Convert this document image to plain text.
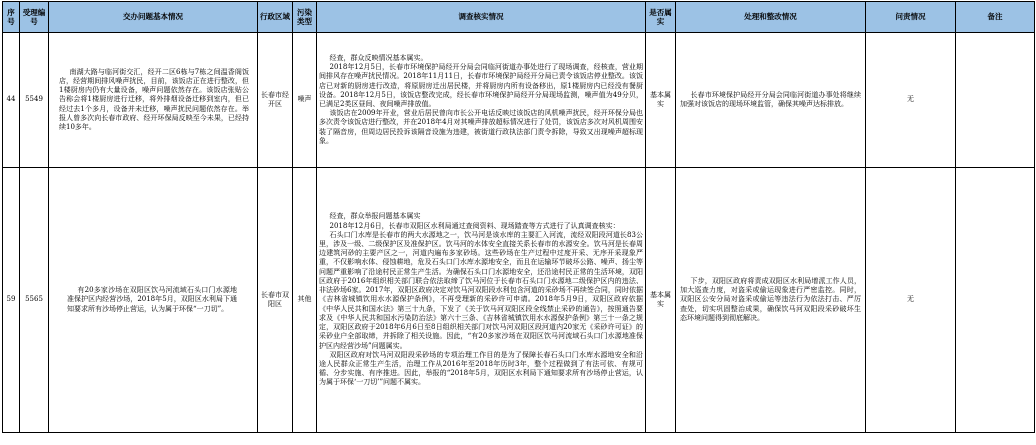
序号	受理编号	交办问题基本情况	行政区域	污染类型	调查核实情况	是否属实	处理和整改情况	问责情况	备注
44	5549	南湖大路与临河街交汇，经开二区6栋与7栋之间温香阁饭店，经营期间排风噪声扰民，目前，该饭店正在进行整改，但1楼厨房内仍有大量设备，噪声问题依然存在。该饭店张贴公告称会将1楼厨房进行迁移，将外排烟设备迁移到室内，但已经过去1个多月，设备并未迁移，噪声扰民问题依然存在。举报人曾多次向长春市政府、经开环保局反映至今未果，已经持续10多年。	长春市经开区	噪声	经查，群众反映情况基本属实。

2018年12月5日，长春市环境保护局经开分局会同临河街道办事处进行了现场调查，经核查，营业期间排风存在噪声扰民情况。2018年11月11日，长春市环境保护局经开分局已责令该饭店停业整改。该饭店已对新的厨房进行改造，将原厨房迁出居民楼，并将厨房内所有设备移出，原1楼厨房内已经没有餐厨设备。2018年12月5日，该饭店整改完成，经长春市环境保护局经开分局现场监测，噪声值为49分贝，已满足2类区昼间、夜间噪声排放值。

该饭店在2009年开业，营业后居民曾向市长公开电话反映过该饭店的风机噪声扰民，经开环保分局也多次责令该饭店进行整改，并在2018年4月对其噪声排放超标情况进行了处罚，该饭店多次对风机周围安装了隔音房，但周边居民投诉该隔音设施为违建，被街道行政执法部门责令拆除，导致又出现噪声超标现象。	基本属实	长春市环境保护局经开分局会同临河街道办事处将继续加强对该饭店的现场环境监管，确保其噪声达标排放。	无	
59	5565	有20多家沙场在双阳区饮马河流域石头口门水源地准保护区内经营沙场，2018年5月，双阳区水利局下通知要求所有沙场停止营运，认为属于环保“一刀切”。	长春市双阳区	其他	经查，群众举报问题基本属实

2018年12月6日，长春市双阳区水利局通过查阅资料、现场踏查等方式进行了认真调查核实：

石头口门水库是长春市的两大水源地之一，饮马河是该水库的主要汇入河流，流经双阳段河道长83公里，涉及一级、二级保护区及准保护区。饮马河的水体安全直接关系长春市的水源安全。饮马河是长春周边建筑河砂的主要产区之一，河道内遍布多家砂场。这些砂场在生产过程中过度开采、无序开采现象严重，不仅影响水体、侵蚀耕地，危及石头口门水库水源地安全，而且在运输环节破坏公路、噪声、扬尘等问题严重影响了沿途村民正常生产生活。为确保石头口门水源地安全，还沿途村民正常的生活环境，双阳区政府于2016年组织相关部门联合依法取缔了饮马河位于长春市石头口门水源地二级保护区内的违法、非法砂场6家。2017年，双阳区政府决定对饮马河双阳段水利包含河道的采砂场不再续签合同，同时依据《吉林省城镇饮用水水源保护条例》，不再受理新的采砂许可申请。2018年5月9日，双阳区政府依据《中华人民共和国水法》第三十九条，下发了《关于饮马河双阳区段全线禁止采砂的通告》，按照通告要求及《中华人民共和国水污染防治法》第六十三条、《吉林省城镇饮用水水源保护条例》第三十一条之规定，双阳区政府于2018年6月6日至8日组织相关部门对饮马河双阳区段河道内20家无《采砂许可证》的采砂业户全部取缔，并拆除了相关设施。因此，“有20多家沙场在双阳区饮马河流域石头口门水源地准保护区内经营沙场”问题属实。

双阳区政府对饮马河双阳段采砂场的专项治理工作目的是为了保障长春石头口门水库水源地安全和沿途人民群众正常生产生活，治理工作从2016年至2018年历时3年，整个过程做到了有法可依、有规可循、分步实施、有序推进。因此，举报的“2018年5月，双阳区水利局下通知要求所有沙场停止营运，认为属于环保‘一刀切’”问题不属实。	基本属实	下步，双阳区政府将责成双阳区水利局增派工作人员，加大巡查力度，对盗采或偷运现象进行严密监控。同时，双阳区公安分局对盗采或偷运等违法行为依法打击、严厉查处，切实巩固整治成果，确保饮马河双阳段采砂破坏生态环境问题得到彻底解决。	无	
